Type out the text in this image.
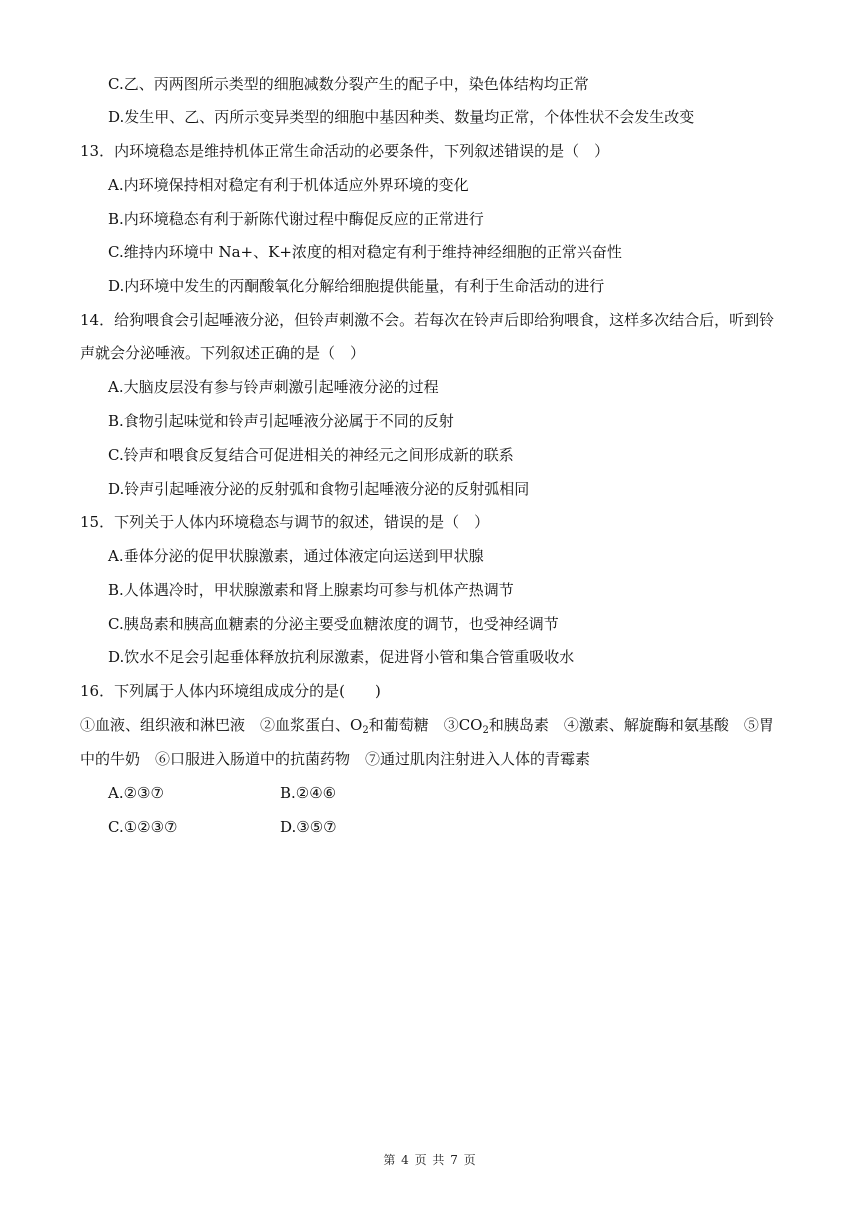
C.乙、丙两图所示类型的细胞减数分裂产生的配子中，染色体结构均正常
D.发生甲、乙、丙所示变异类型的细胞中基因种类、数量均正常，个体性状不会发生改变
13．内环境稳态是维持机体正常生命活动的必要条件，下列叙述错误的是（　）
A.内环境保持相对稳定有利于机体适应外界环境的变化
B.内环境稳态有利于新陈代谢过程中酶促反应的正常进行
C.维持内环境中 Na+、K+浓度的相对稳定有利于维持神经细胞的正常兴奋性
D.内环境中发生的丙酮酸氧化分解给细胞提供能量，有利于生命活动的进行
14．给狗喂食会引起唾液分泌，但铃声刺激不会。若每次在铃声后即给狗喂食，这样多次结合后，听到铃
声就会分泌唾液。下列叙述正确的是（　）
A.大脑皮层没有参与铃声刺激引起唾液分泌的过程
B.食物引起味觉和铃声引起唾液分泌属于不同的反射
C.铃声和喂食反复结合可促进相关的神经元之间形成新的联系
D.铃声引起唾液分泌的反射弧和食物引起唾液分泌的反射弧相同
15．下列关于人体内环境稳态与调节的叙述，错误的是（　）
A.垂体分泌的促甲状腺激素，通过体液定向运送到甲状腺
B.人体遇冷时，甲状腺激素和肾上腺素均可参与机体产热调节
C.胰岛素和胰高血糖素的分泌主要受血糖浓度的调节，也受神经调节
D.饮水不足会引起垂体释放抗利尿激素，促进肾小管和集合管重吸收水
16．下列属于人体内环境组成成分的是(　　)
①血液、组织液和淋巴液　②血浆蛋白、$O_2$和葡萄糖　$③CO_2$和胰岛素　④激素、解旋酶和氨基酸　⑤胃
中的牛奶　⑥口服进入肠道中的抗菌药物　⑦通过肌肉注射进入人体的青霉素
A.②③⑦	B.②④⑥
C.①②③⑦	D.③⑤⑦
第 4 页 共 7 页
